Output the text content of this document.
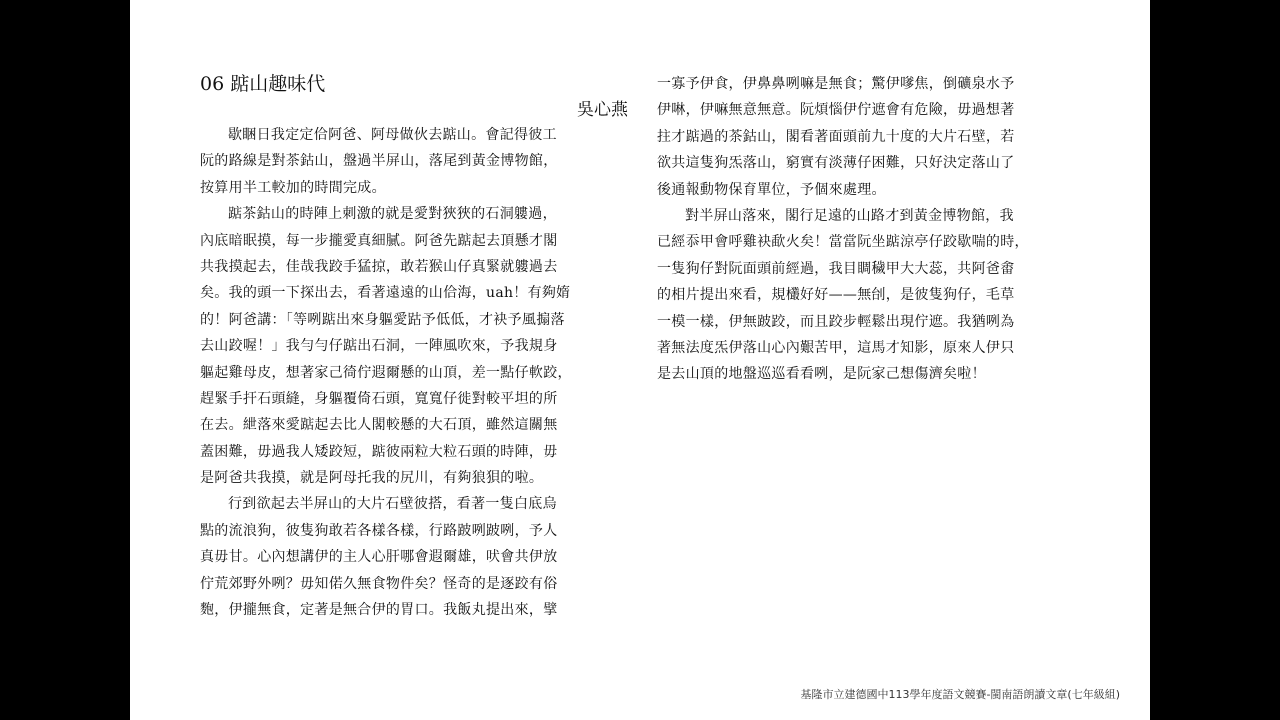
06 踮山趣味代
吳心燕
歇睏日我定定佮阿爸、阿母做伙去踮山。會記得彼工
阮的路線是對茶鈷山，盤過半屏山，落尾到黃金博物館，
按算用半工較加的時間完成。
踮茶鈷山的時陣上刺激的就是愛對狹狹的石洞軁過，
內底暗眠摸，每一步攏愛真細膩。阿爸先踮起去頂懸才閣
共我摸起去，佳哉我跤手猛掠，敢若猴山仔真緊就軁過去
矣。我的頭一下探出去，看著遠遠的山佮海，uah！有夠媠
的！阿爸講：「等咧踮出來身軀愛跍予低低，才袂予風搧落
去山跤喔！」我勻勻仔踮出石洞，一陣風吹來，予我規身
軀起雞母皮，想著家己徛佇遐爾懸的山頂，差一點仔軟跤，
趕緊手扞石頭縫，身軀覆倚石頭，寬寬仔徙對較平坦的所
在去。紲落來愛踮起去比人閣較懸的大石頂，雖然這關無
蓋困難，毋過我人矮跤短，踮彼兩粒大粒石頭的時陣，毋
是阿爸共我摸，就是阿母托我的尻川，有夠狼狽的啦。
行到欲起去半屏山的大片石壁彼搭，看著一隻白底烏
點的流浪狗，彼隻狗敢若各樣各樣，行路跛咧跛咧，予人
真毋甘。心內想講伊的主人心肝哪會遐爾雄，吠會共伊放
佇荒郊野外咧？毋知偌久無食物件矣？怪奇的是逐跤有俗
麭，伊攏無食，定著是無合伊的胃口。我飯丸提出來，擘
一寡予伊食，伊鼻鼻咧嘛是無食；驚伊嗲焦，倒礦泉水予
伊啉，伊嘛無意無意。阮煩惱伊佇遮會有危險，毋過想著
拄才踮過的茶鈷山，閣看著面頭前九十度的大片石壁，若
欲共這隻狗炁落山，窮實有淡薄仔困難，只好決定落山了
後通報動物保育單位，予個來處理。
對半屏山落來，閣行足遠的山路才到黃金博物館，我
已經忝甲會呼雞袂歃火矣！當當阮坐踮涼亭仔跤歇喘的時，
一隻狗仔對阮面頭前經過，我目睭穢甲大大蕊，共阿爸畬
的相片提出來看，規欉好好——無刣，是彼隻狗仔，毛草
一模一樣，伊無跛跤，而且跤步輕鬆出現佇遮。我猶咧為
著無法度炁伊落山心內艱苦甲，這馬才知影，原來人伊只
是去山頂的地盤巡巡看看咧，是阮家己想傷濟矣啦！
基隆市立建德國中113學年度語文競賽-閩南語朗讀文章(七年級組)
